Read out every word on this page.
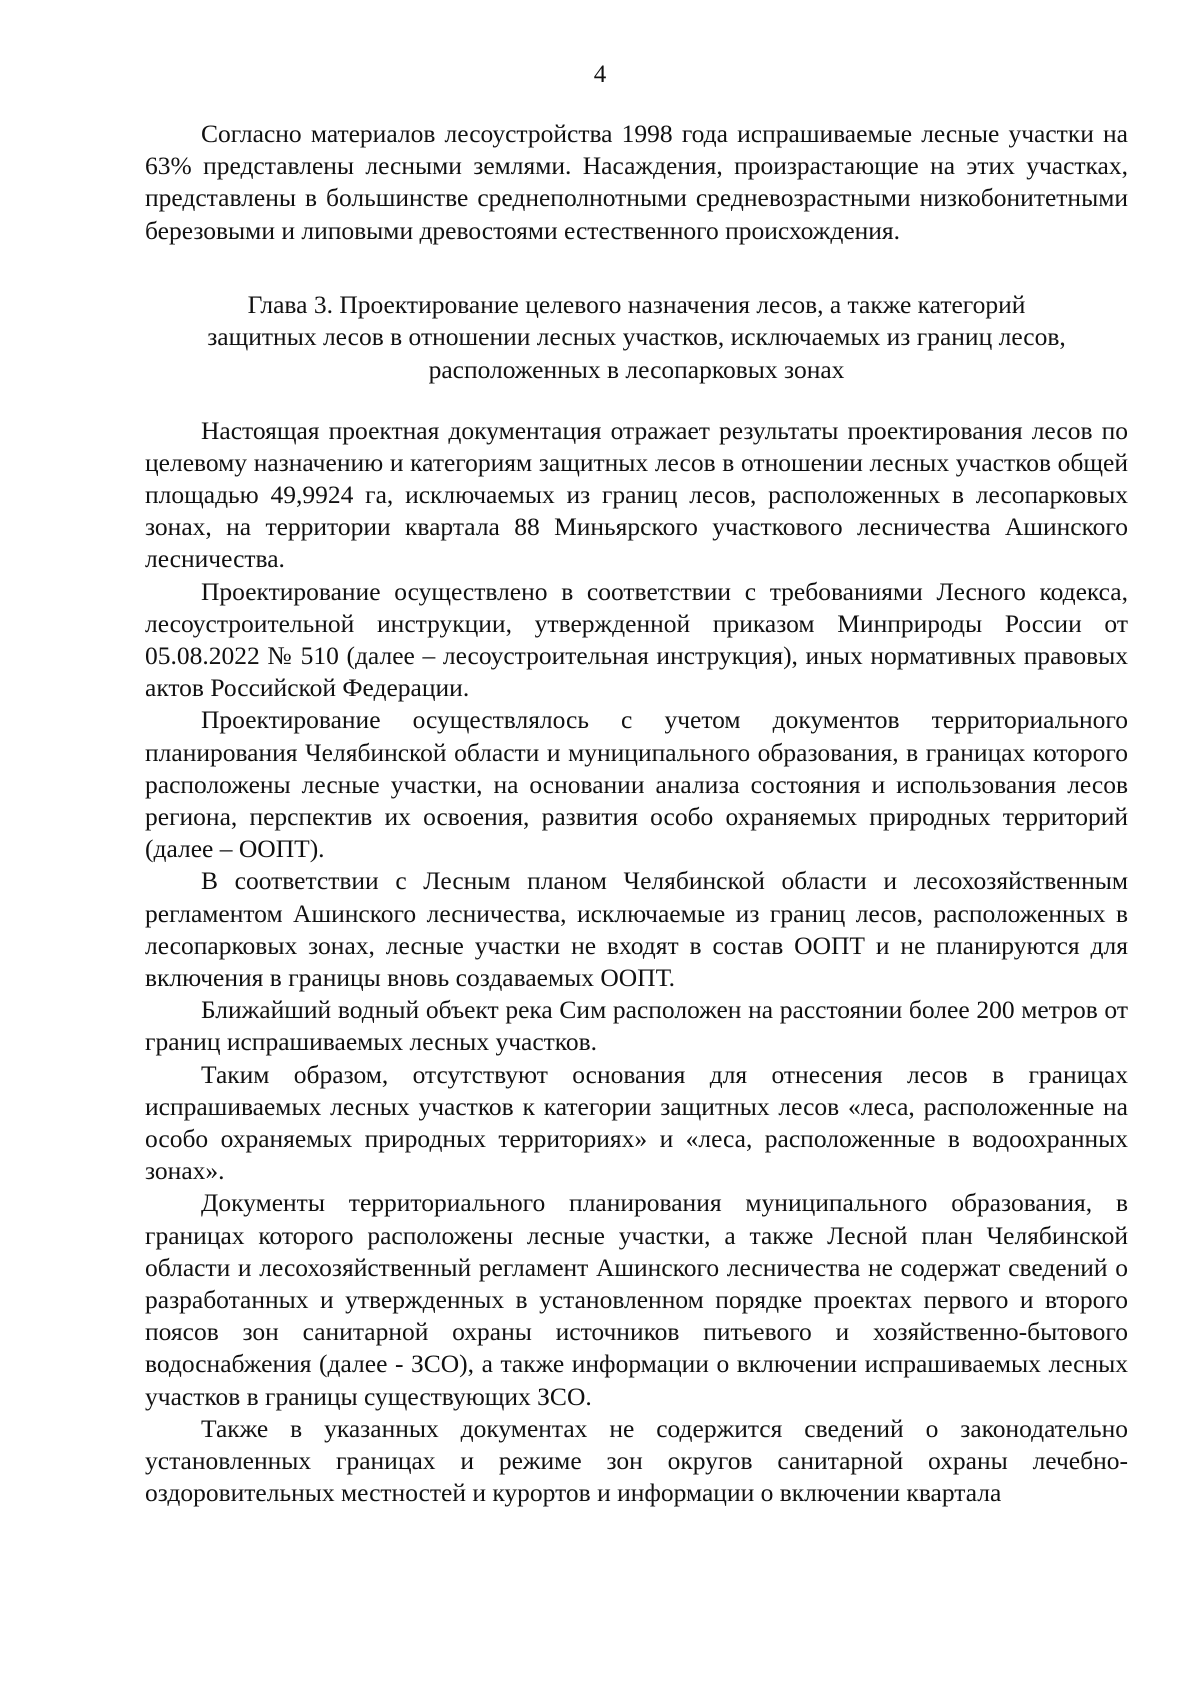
4

Согласно материалов лесоустройства 1998 года испрашиваемые лесные участки на 63% представлены лесными землями. Насаждения, произрастающие на этих участках, представлены в большинстве среднеполнотными средневозрастными низкобонитетными березовыми и липовыми древостоями естественного происхождения.

Глава 3. Проектирование целевого назначения лесов, а также категорий
защитных лесов в отношении лесных участков, исключаемых из границ лесов,
расположенных в лесопарковых зонах

Настоящая проектная документация отражает результаты проектирования лесов по целевому назначению и категориям защитных лесов в отношении лесных участков общей площадью 49,9924 га, исключаемых из границ лесов, расположенных в лесопарковых зонах, на территории квартала 88 Миньярского участкового лесничества Ашинского лесничества.

Проектирование осуществлено в соответствии с требованиями Лесного кодекса, лесоустроительной инструкции, утвержденной приказом Минприроды России от 05.08.2022 № 510 (далее – лесоустроительная инструкция), иных нормативных правовых актов Российской Федерации.

Проектирование осуществлялось с учетом документов территориального планирования Челябинской области и муниципального образования, в границах которого расположены лесные участки, на основании анализа состояния и использования лесов региона, перспектив их освоения, развития особо охраняемых природных территорий (далее – ООПТ).

В соответствии с Лесным планом Челябинской области и лесохозяйственным регламентом Ашинского лесничества, исключаемые из границ лесов, расположенных в лесопарковых зонах, лесные участки не входят в состав ООПТ и не планируются для включения в границы вновь создаваемых ООПТ.

Ближайший водный объект река Сим расположен на расстоянии более 200 метров от границ испрашиваемых лесных участков.

Таким образом, отсутствуют основания для отнесения лесов в границах испрашиваемых лесных участков к категории защитных лесов «леса, расположенные на особо охраняемых природных территориях» и «леса, расположенные в водоохранных зонах».

Документы территориального планирования муниципального образования, в границах которого расположены лесные участки, а также Лесной план Челябинской области и лесохозяйственный регламент Ашинского лесничества не содержат сведений о разработанных и утвержденных в установленном порядке проектах первого и второго поясов зон санитарной охраны источников питьевого и хозяйственно-бытового водоснабжения (далее - ЗСО), а также информации о включении испрашиваемых лесных участков в границы существующих ЗСО.

Также в указанных документах не содержится сведений о законодательно установленных границах и режиме зон округов санитарной охраны лечебно-оздоровительных местностей и курортов и информации о включении квартала
